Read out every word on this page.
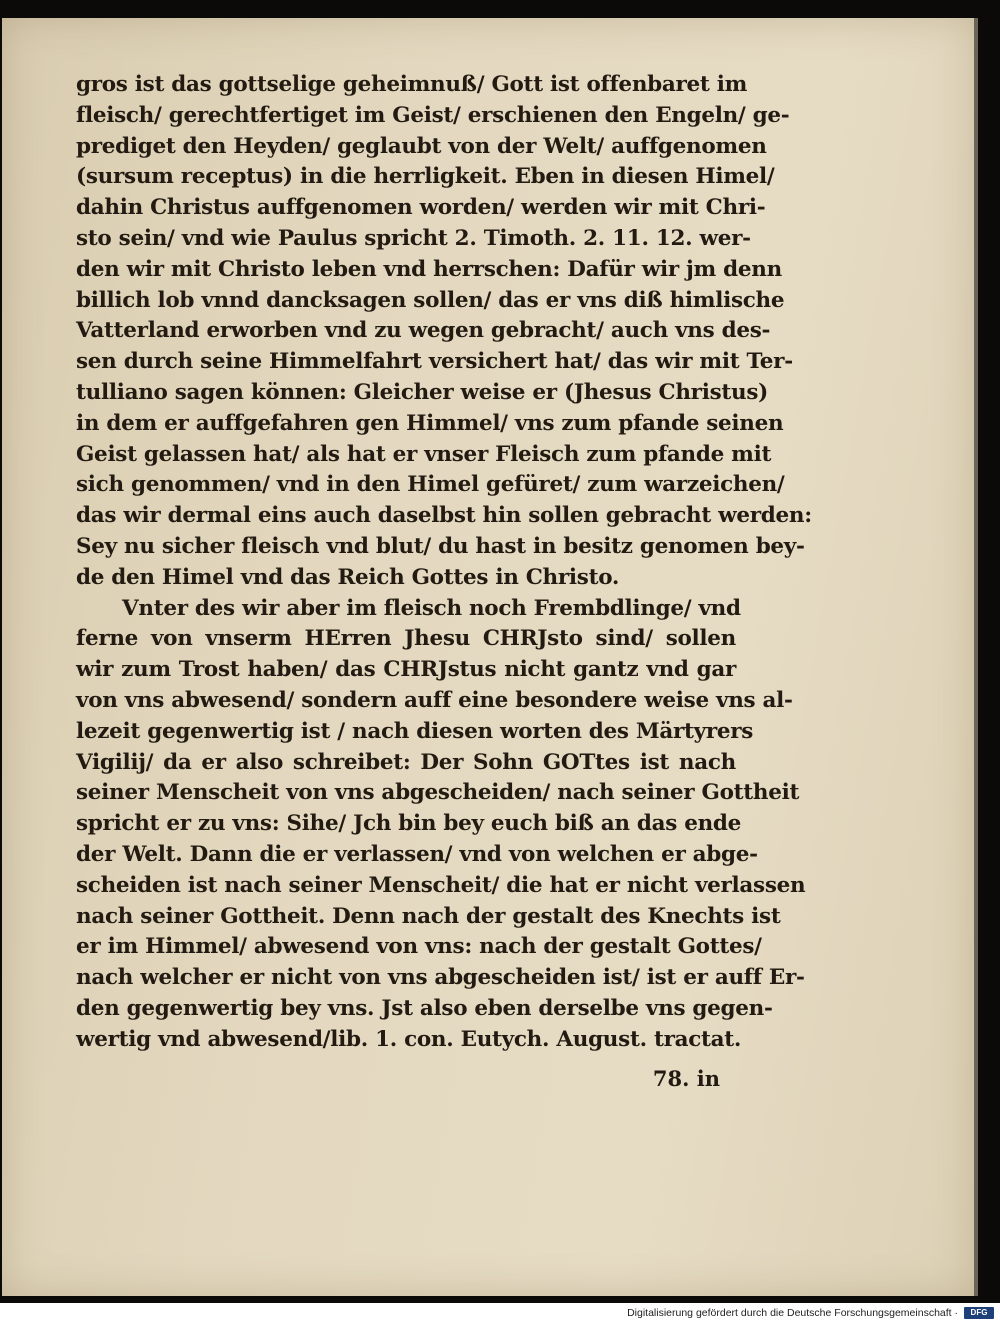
gros ist das gottselige geheimnuß/ Gott ist offenbaret im
fleisch/ gerechtfertiget im Geist/ erschienen den Engeln/ ge-
prediget den Heyden/ geglaubt von der Welt/ auffgenomen
(sursum receptus) in die herrligkeit. Eben in diesen Himel/
dahin Christus auffgenomen worden/ werden wir mit Chri-
sto sein/ vnd wie Paulus spricht 2. Timoth. 2. 11. 12. wer-
den wir mit Christo leben vnd herrschen: Dafür wir jm denn
billich lob vnnd dancksagen sollen/ das er vns diß himlische
Vatterland erworben vnd zu wegen gebracht/ auch vns des-
sen durch seine Himmelfahrt versichert hat/ das wir mit Ter-
tulliano sagen können: Gleicher weise er (Jhesus Christus)
in dem er auffgefahren gen Himmel/ vns zum pfande seinen
Geist gelassen hat/ als hat er vnser Fleisch zum pfande mit
sich genommen/ vnd in den Himel gefüret/ zum warzeichen/
das wir dermal eins auch daselbst hin sollen gebracht werden:
Sey nu sicher fleisch vnd blut/ du hast in besitz genomen bey-
de den Himel vnd das Reich Gottes in Christo.
Vnter des wir aber im fleisch noch Frembdlinge/ vnd
ferne von vnserm HErren Jhesu CHRJsto sind/ sollen
wir zum Trost haben/ das CHRJstus nicht gantz vnd gar
von vns abwesend/ sondern auff eine besondere weise vns al-
lezeit gegenwertig ist / nach diesen worten des Märtyrers
Vigilij/ da er also schreibet: Der Sohn GOTtes ist nach
seiner Menscheit von vns abgescheiden/ nach seiner Gottheit
spricht er zu vns: Sihe/ Jch bin bey euch biß an das ende
der Welt. Dann die er verlassen/ vnd von welchen er abge-
scheiden ist nach seiner Menscheit/ die hat er nicht verlassen
nach seiner Gottheit. Denn nach der gestalt des Knechts ist
er im Himmel/ abwesend von vns: nach der gestalt Gottes/
nach welcher er nicht von vns abgescheiden ist/ ist er auff Er-
den gegenwertig bey vns. Jst also eben derselbe vns gegen-
wertig vnd abwesend/lib. 1. con. Eutych. August. tractat.
78. in
Digitalisierung gefördert durch die Deutsche Forschungsgemeinschaft ·	DFG
